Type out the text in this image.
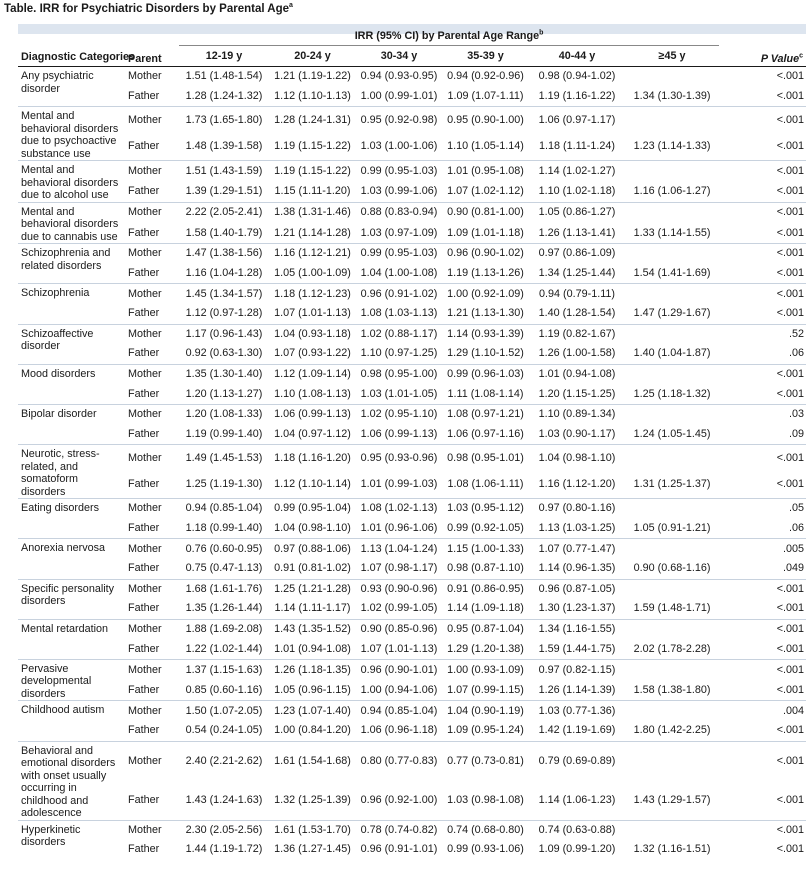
Table. IRR for Psychiatric Disorders by Parental Age$^a$
Diagnostic Categories		IRR (95% CI) by Parental Age Range$^b$	
	Parent	12-19 y	20-24 y	30-34 y	35-39 y	40-44 y	≥45 y	P Value$^c$
Any psychiatric disorder	Mother	1.51 (1.48-1.54)	1.21 (1.19-1.22)	0.94 (0.93-0.95)	0.94 (0.92-0.96)	0.98 (0.94-1.02)		<.001
	Father	1.28 (1.24-1.32)	1.12 (1.10-1.13)	1.00 (0.99-1.01)	1.09 (1.07-1.11)	1.19 (1.16-1.22)	1.34 (1.30-1.39)	<.001
Mental and behavioral disorders due to psychoactive substance use	Mother	1.73 (1.65-1.80)	1.28 (1.24-1.31)	0.95 (0.92-0.98)	0.95 (0.90-1.00)	1.06 (0.97-1.17)		<.001
	Father	1.48 (1.39-1.58)	1.19 (1.15-1.22)	1.03 (1.00-1.06)	1.10 (1.05-1.14)	1.18 (1.11-1.24)	1.23 (1.14-1.33)	<.001
Mental and behavioral disorders due to alcohol use	Mother	1.51 (1.43-1.59)	1.19 (1.15-1.22)	0.99 (0.95-1.03)	1.01 (0.95-1.08)	1.14 (1.02-1.27)		<.001
	Father	1.39 (1.29-1.51)	1.15 (1.11-1.20)	1.03 (0.99-1.06)	1.07 (1.02-1.12)	1.10 (1.02-1.18)	1.16 (1.06-1.27)	<.001
Mental and behavioral disorders due to cannabis use	Mother	2.22 (2.05-2.41)	1.38 (1.31-1.46)	0.88 (0.83-0.94)	0.90 (0.81-1.00)	1.05 (0.86-1.27)		<.001
	Father	1.58 (1.40-1.79)	1.21 (1.14-1.28)	1.03 (0.97-1.09)	1.09 (1.01-1.18)	1.26 (1.13-1.41)	1.33 (1.14-1.55)	<.001
Schizophrenia and related disorders	Mother	1.47 (1.38-1.56)	1.16 (1.12-1.21)	0.99 (0.95-1.03)	0.96 (0.90-1.02)	0.97 (0.86-1.09)		<.001
	Father	1.16 (1.04-1.28)	1.05 (1.00-1.09)	1.04 (1.00-1.08)	1.19 (1.13-1.26)	1.34 (1.25-1.44)	1.54 (1.41-1.69)	<.001
Schizophrenia	Mother	1.45 (1.34-1.57)	1.18 (1.12-1.23)	0.96 (0.91-1.02)	1.00 (0.92-1.09)	0.94 (0.79-1.11)		<.001
	Father	1.12 (0.97-1.28)	1.07 (1.01-1.13)	1.08 (1.03-1.13)	1.21 (1.13-1.30)	1.40 (1.28-1.54)	1.47 (1.29-1.67)	<.001
Schizoaffective disorder	Mother	1.17 (0.96-1.43)	1.04 (0.93-1.18)	1.02 (0.88-1.17)	1.14 (0.93-1.39)	1.19 (0.82-1.67)		.52
	Father	0.92 (0.63-1.30)	1.07 (0.93-1.22)	1.10 (0.97-1.25)	1.29 (1.10-1.52)	1.26 (1.00-1.58)	1.40 (1.04-1.87)	.06
Mood disorders	Mother	1.35 (1.30-1.40)	1.12 (1.09-1.14)	0.98 (0.95-1.00)	0.99 (0.96-1.03)	1.01 (0.94-1.08)		<.001
	Father	1.20 (1.13-1.27)	1.10 (1.08-1.13)	1.03 (1.01-1.05)	1.11 (1.08-1.14)	1.20 (1.15-1.25)	1.25 (1.18-1.32)	<.001
Bipolar disorder	Mother	1.20 (1.08-1.33)	1.06 (0.99-1.13)	1.02 (0.95-1.10)	1.08 (0.97-1.21)	1.10 (0.89-1.34)		.03
	Father	1.19 (0.99-1.40)	1.04 (0.97-1.12)	1.06 (0.99-1.13)	1.06 (0.97-1.16)	1.03 (0.90-1.17)	1.24 (1.05-1.45)	.09
Neurotic, stress-related, and somatoform disorders	Mother	1.49 (1.45-1.53)	1.18 (1.16-1.20)	0.95 (0.93-0.96)	0.98 (0.95-1.01)	1.04 (0.98-1.10)		<.001
	Father	1.25 (1.19-1.30)	1.12 (1.10-1.14)	1.01 (0.99-1.03)	1.08 (1.06-1.11)	1.16 (1.12-1.20)	1.31 (1.25-1.37)	<.001
Eating disorders	Mother	0.94 (0.85-1.04)	0.99 (0.95-1.04)	1.08 (1.02-1.13)	1.03 (0.95-1.12)	0.97 (0.80-1.16)		.05
	Father	1.18 (0.99-1.40)	1.04 (0.98-1.10)	1.01 (0.96-1.06)	0.99 (0.92-1.05)	1.13 (1.03-1.25)	1.05 (0.91-1.21)	.06
Anorexia nervosa	Mother	0.76 (0.60-0.95)	0.97 (0.88-1.06)	1.13 (1.04-1.24)	1.15 (1.00-1.33)	1.07 (0.77-1.47)		.005
	Father	0.75 (0.47-1.13)	0.91 (0.81-1.02)	1.07 (0.98-1.17)	0.98 (0.87-1.10)	1.14 (0.96-1.35)	0.90 (0.68-1.16)	.049
Specific personality disorders	Mother	1.68 (1.61-1.76)	1.25 (1.21-1.28)	0.93 (0.90-0.96)	0.91 (0.86-0.95)	0.96 (0.87-1.05)		<.001
	Father	1.35 (1.26-1.44)	1.14 (1.11-1.17)	1.02 (0.99-1.05)	1.14 (1.09-1.18)	1.30 (1.23-1.37)	1.59 (1.48-1.71)	<.001
Mental retardation	Mother	1.88 (1.69-2.08)	1.43 (1.35-1.52)	0.90 (0.85-0.96)	0.95 (0.87-1.04)	1.34 (1.16-1.55)		<.001
	Father	1.22 (1.02-1.44)	1.01 (0.94-1.08)	1.07 (1.01-1.13)	1.29 (1.20-1.38)	1.59 (1.44-1.75)	2.02 (1.78-2.28)	<.001
Pervasive developmental disorders	Mother	1.37 (1.15-1.63)	1.26 (1.18-1.35)	0.96 (0.90-1.01)	1.00 (0.93-1.09)	0.97 (0.82-1.15)		<.001
	Father	0.85 (0.60-1.16)	1.05 (0.96-1.15)	1.00 (0.94-1.06)	1.07 (0.99-1.15)	1.26 (1.14-1.39)	1.58 (1.38-1.80)	<.001
Childhood autism	Mother	1.50 (1.07-2.05)	1.23 (1.07-1.40)	0.94 (0.85-1.04)	1.04 (0.90-1.19)	1.03 (0.77-1.36)		.004
	Father	0.54 (0.24-1.05)	1.00 (0.84-1.20)	1.06 (0.96-1.18)	1.09 (0.95-1.24)	1.42 (1.19-1.69)	1.80 (1.42-2.25)	<.001
Behavioral and emotional disorders with onset usually occurring in childhood and adolescence	Mother	2.40 (2.21-2.62)	1.61 (1.54-1.68)	0.80 (0.77-0.83)	0.77 (0.73-0.81)	0.79 (0.69-0.89)		<.001
	Father	1.43 (1.24-1.63)	1.32 (1.25-1.39)	0.96 (0.92-1.00)	1.03 (0.98-1.08)	1.14 (1.06-1.23)	1.43 (1.29-1.57)	<.001
Hyperkinetic disorders	Mother	2.30 (2.05-2.56)	1.61 (1.53-1.70)	0.78 (0.74-0.82)	0.74 (0.68-0.80)	0.74 (0.63-0.88)		<.001
	Father	1.44 (1.19-1.72)	1.36 (1.27-1.45)	0.96 (0.91-1.01)	0.99 (0.93-1.06)	1.09 (0.99-1.20)	1.32 (1.16-1.51)	<.001
